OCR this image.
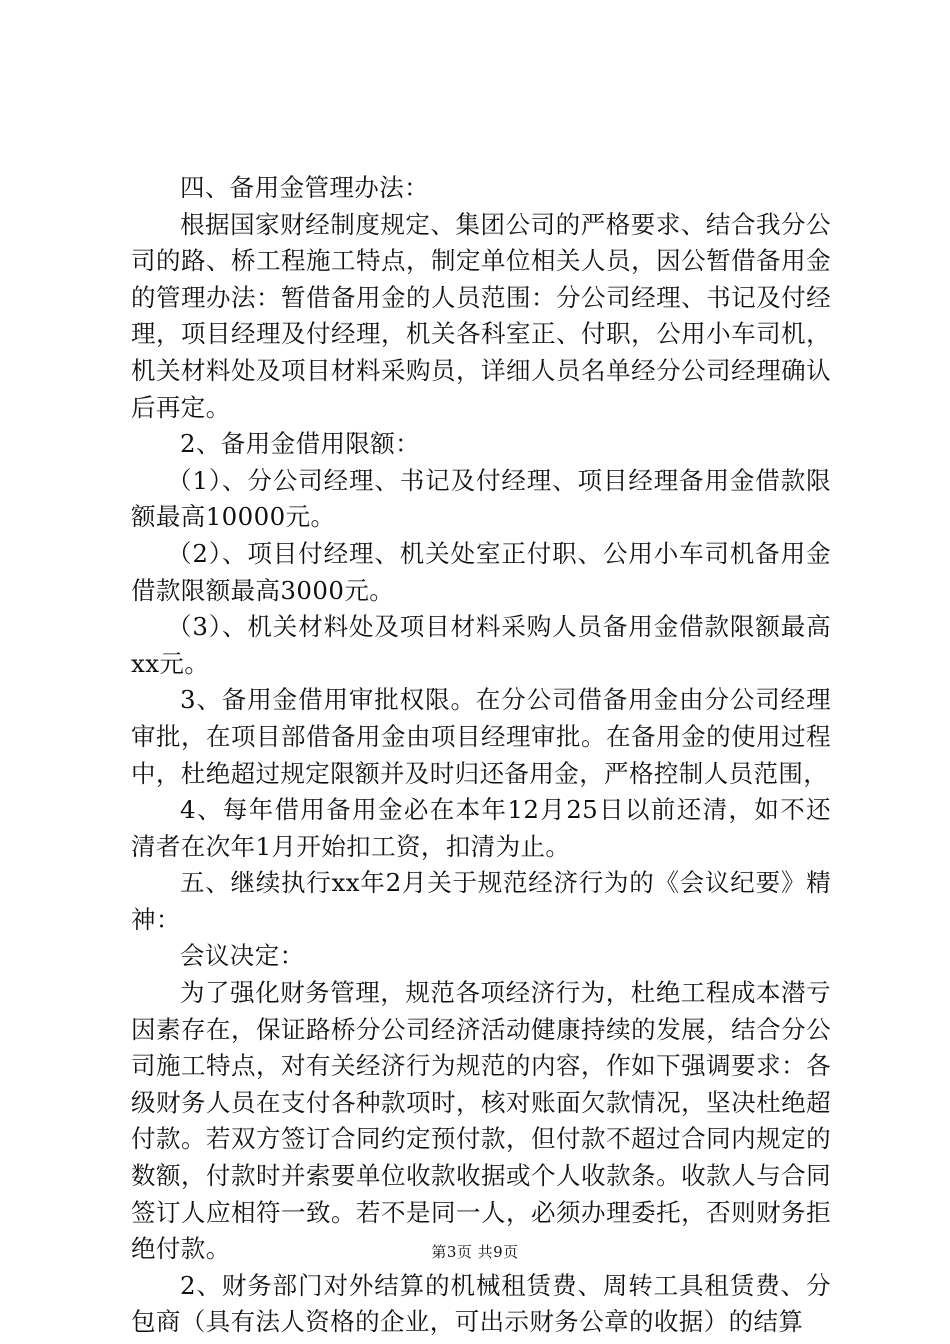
四、备用金管理办法：

根据国家财经制度规定、集团公司的严格要求、结合我分公司的路、桥工程施工特点，制定单位相关人员，因公暂借备用金的管理办法：暂借备用金的人员范围：分公司经理、书记及付经理，项目经理及付经理，机关各科室正、付职，公用小车司机，机关材料处及项目材料采购员，详细人员名单经分公司经理确认后再定。

2、备用金借用限额：

（1）、分公司经理、书记及付经理、项目经理备用金借款限额最高10000元。

（2）、项目付经理、机关处室正付职、公用小车司机备用金借款限额最高3000元。

（3）、机关材料处及项目材料采购人员备用金借款限额最高xx元。

3、备用金借用审批权限。在分公司借备用金由分公司经理审批，在项目部借备用金由项目经理审批。在备用金的使用过程中，杜绝超过规定限额并及时归还备用金，严格控制人员范围，

4、每年借用备用金必在本年12月25日以前还清，如不还清者在次年1月开始扣工资，扣清为止。

五、继续执行xx年2月关于规范经济行为的《会议纪要》精神：

会议决定：

为了强化财务管理，规范各项经济行为，杜绝工程成本潜亏因素存在，保证路桥分公司经济活动健康持续的发展，结合分公司施工特点，对有关经济行为规范的内容，作如下强调要求：各级财务人员在支付各种款项时，核对账面欠款情况，坚决杜绝超付款。若双方签订合同约定预付款，但付款不超过合同内规定的数额，付款时并索要单位收款收据或个人收款条。收款人与合同签订人应相符一致。若不是同一人，必须办理委托，否则财务拒绝付款。

2、财务部门对外结算的机械租赁费、周转工具租赁费、分包商（具有法人资格的企业，可出示财务公章的收据）的结算

第3页 共9页
